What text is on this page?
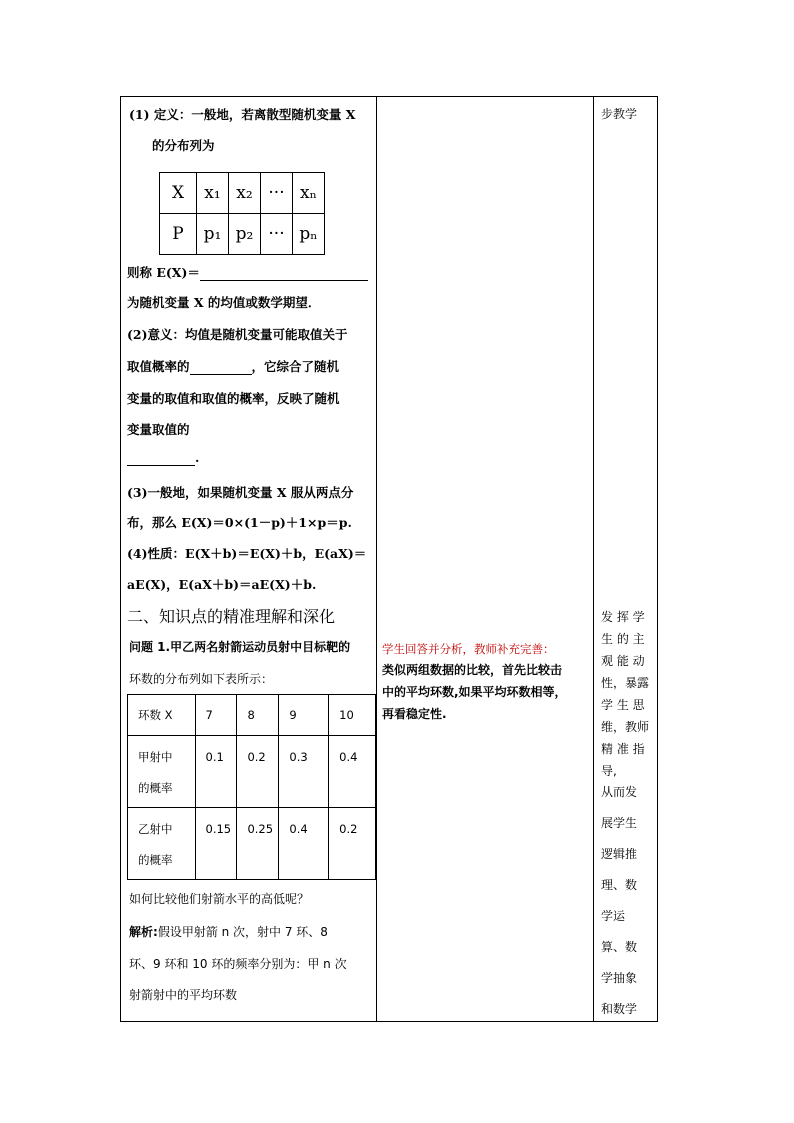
(1) 定义：一般地，若离散型随机变量 X
的分布列为
X	x₁	x₂	···	xₙ
P	p₁	p₂	···	pₙ
则称 E(X)＝
为随机变量 X 的均值或数学期望．
(2)意义：均值是随机变量可能取值关于
取值概率的	，它综合了随机
变量的取值和取值的概率，反映了随机
变量取值的
.
(3)一般地，如果随机变量 X 服从两点分
布，那么 E(X)＝0×(1－p)＋1×p＝p.
(4)性质：E(X＋b)＝E(X)＋b，E(aX)＝
aE(X)，E(aX＋b)＝aE(X)＋b.
二、知识点的精准理解和深化
问题 1.甲乙两名射箭运动员射中目标靶的
环数的分布列如下表所示：
环数 X	7	8	9	10

甲射中
的概率	0.1	0.2	0.3	0.4

乙射中
的概率	0.15	0.25	0.4	0.2
如何比较他们射箭水平的高低呢？
解析:假设甲射箭 n 次，射中 7 环、8
环、9 环和 10 环的频率分别为：甲 n 次
射箭射中的平均环数
学生回答并分析，教师补充完善：
类似两组数据的比较，首先比较击
中的平均环数,如果平均环数相等，
再看稳定性.
步教学
发 挥 学
生 的 主
观 能 动
性，暴露
学 生 思
维，教师
精 准 指
导,
从而发
展学生
逻辑推
理、数
学运
算、数
学抽象
和数学
